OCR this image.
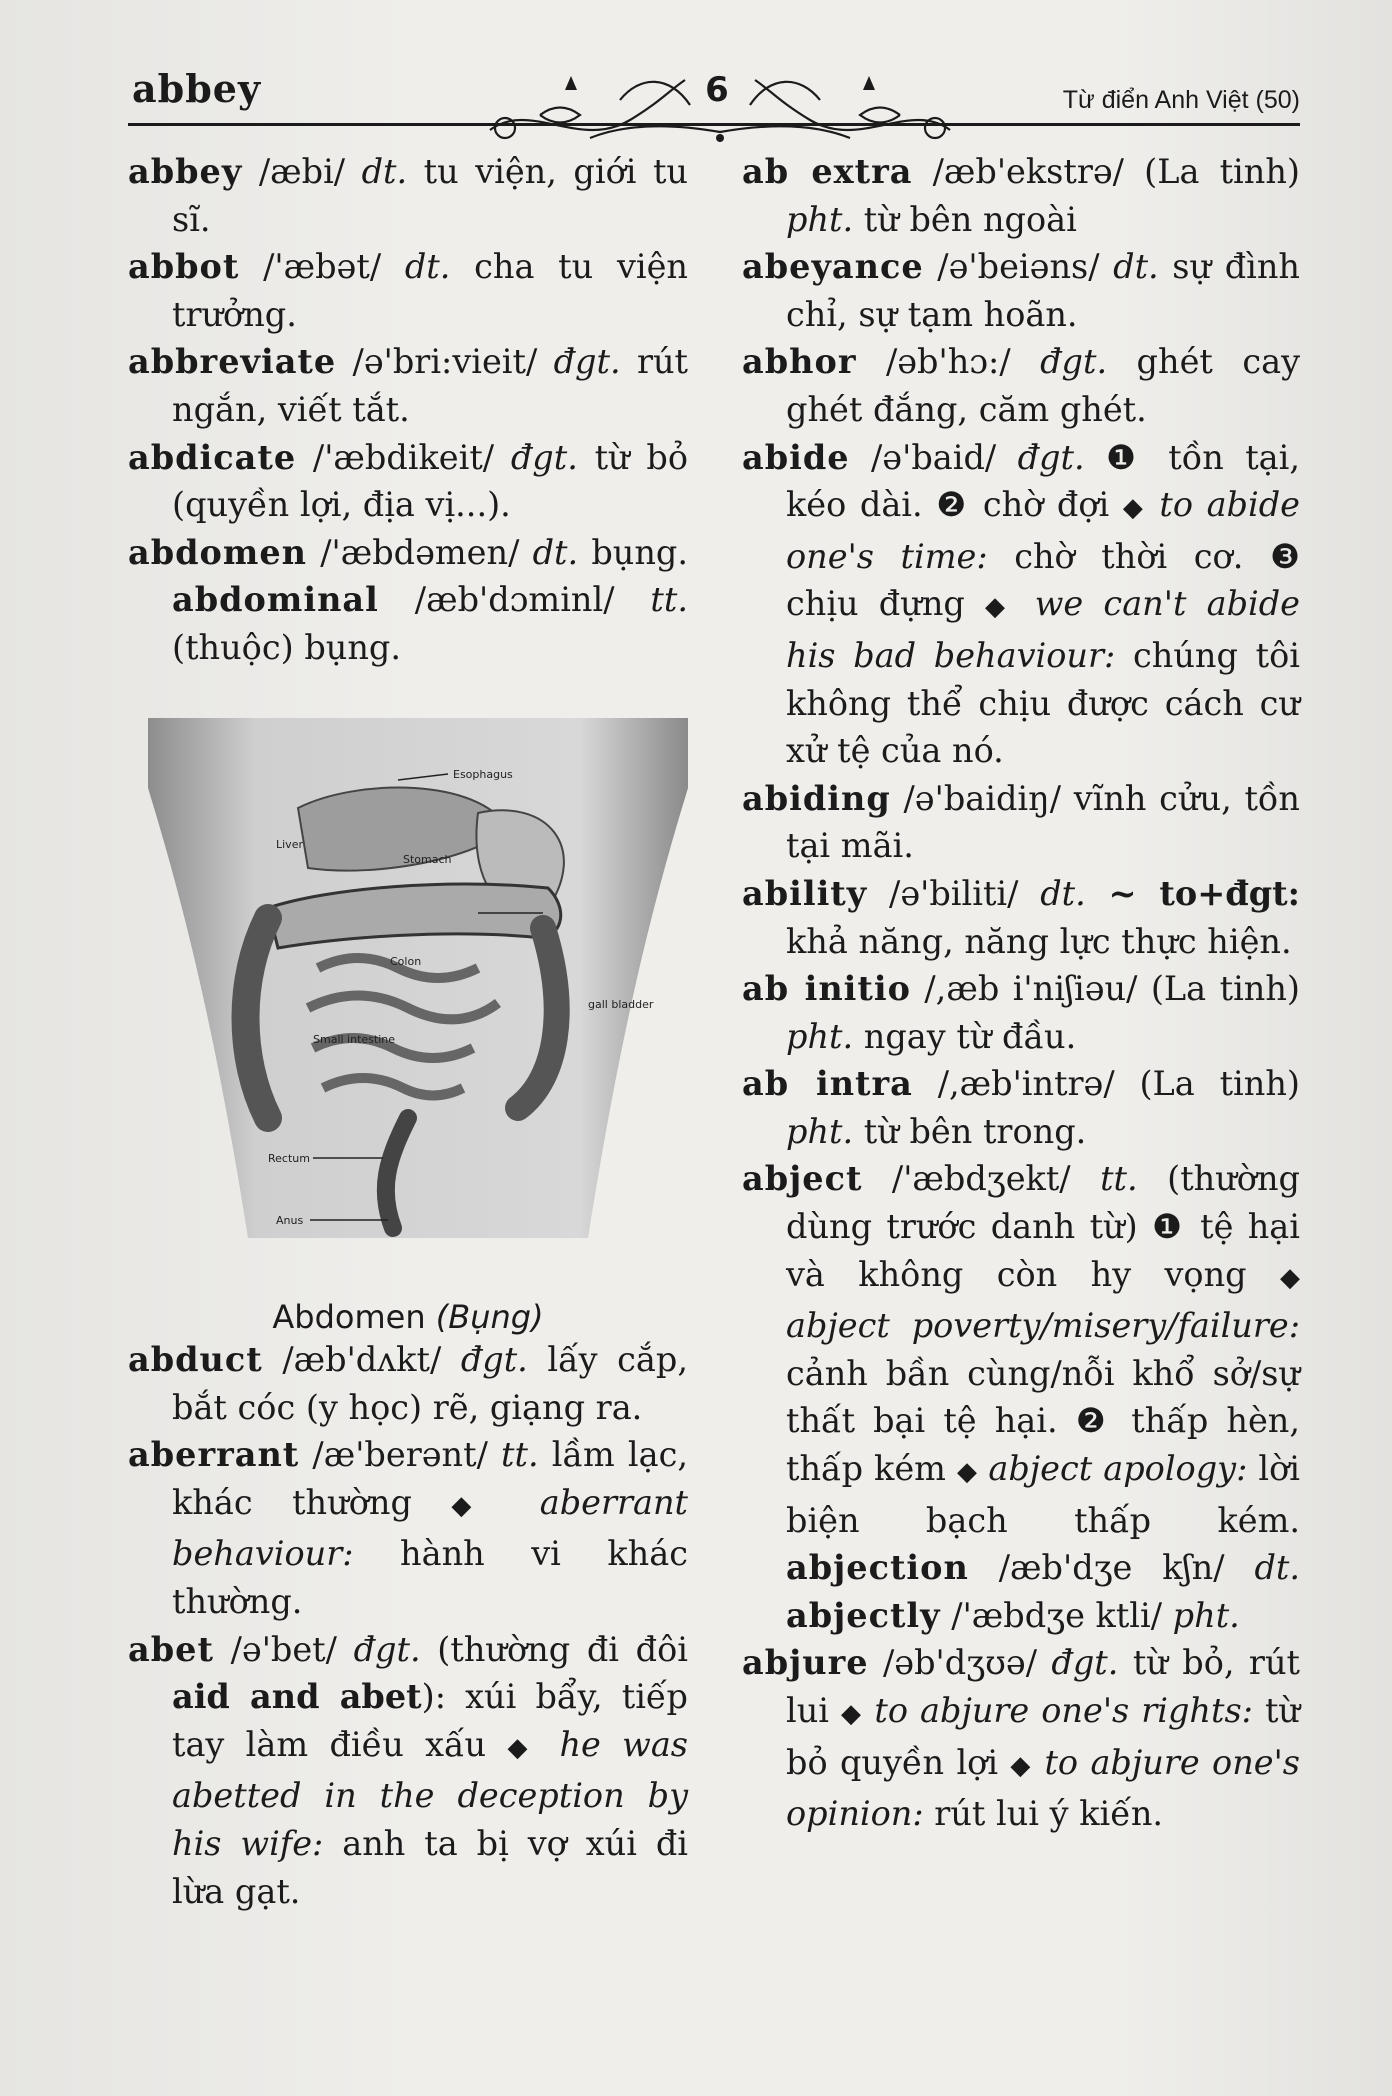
abbey	6	Từ điển Anh Việt (50)

abbey /æbi/ dt. tu viện, giới tu sĩ.

abbot /'æbət/ dt. cha tu viện trưởng.

abbreviate /ə'bri:vieit/ đgt. rút ngắn, viết tắt.

abdicate /'æbdikeit/ đgt. từ bỏ (quyền lợi, địa vị...).

abdomen /'æbdəmen/ dt. bụng. abdominal /æb'dɔminl/ tt. (thuộc) bụng.

Esophagus
Liver
Stomach
Colon
gall bladder
Small intestine
Rectum
Anus
Abdomen (Bụng)

abduct /æb'dʌkt/ đgt. lấy cắp, bắt cóc (y học) rẽ, giạng ra.

aberrant /æ'berənt/ tt. lầm lạc, khác thường ◆ aberrant behaviour: hành vi khác thường.

abet /ə'bet/ đgt. (thường đi đôi aid and abet): xúi bẩy, tiếp tay làm điều xấu ◆ he was abetted in the deception by his wife: anh ta bị vợ xúi đi lừa gạt.

ab extra /æb'ekstrə/ (La tinh) pht. từ bên ngoài

abeyance /ə'beiəns/ dt. sự đình chỉ, sự tạm hoãn.

abhor /əb'hɔ:/ đgt. ghét cay ghét đắng, căm ghét.

abide /ə'baid/ đgt. ❶ tồn tại, kéo dài. ❷ chờ đợi ◆ to abide one's time: chờ thời cơ. ❸ chịu đựng ◆ we can't abide his bad behaviour: chúng tôi không thể chịu được cách cư xử tệ của nó.

abiding /ə'baidiŋ/ vĩnh cửu, tồn tại mãi.

ability /ə'biliti/ dt. ~ to+đgt: khả năng, năng lực thực hiện.

ab initio /,æb i'niʃiəu/ (La tinh) pht. ngay từ đầu.

ab intra /,æb'intrə/ (La tinh) pht. từ bên trong.

abject /'æbdʒekt/ tt. (thường dùng trước danh từ) ❶ tệ hại và không còn hy vọng ◆ abject poverty/misery/failure: cảnh bần cùng/nỗi khổ sở/sự thất bại tệ hại. ❷ thấp hèn, thấp kém ◆ abject apology: lời biện bạch thấp kém. abjection /æb'dʒe kʃn/ dt. abjectly /'æbdʒe ktli/ pht.

abjure /əb'dʒʊə/ đgt. từ bỏ, rút lui ◆ to abjure one's rights: từ bỏ quyền lợi ◆ to abjure one's opinion: rút lui ý kiến.
